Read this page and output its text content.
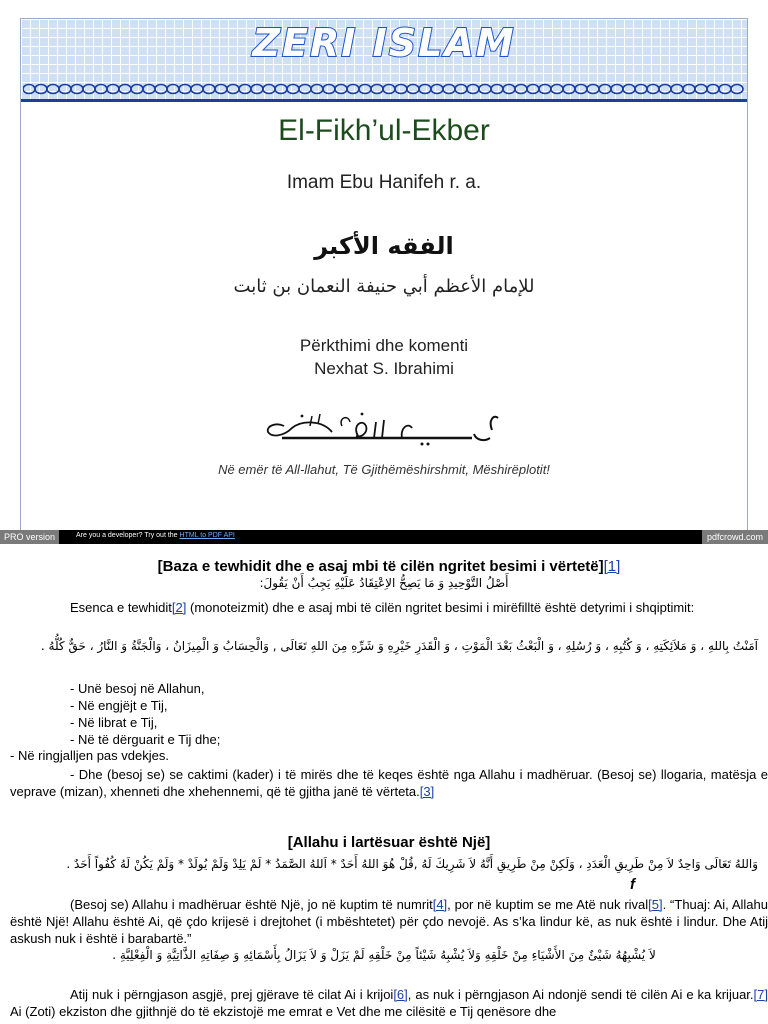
ZERI ISLAM
El-Fikh’ul-Ekber
Imam Ebu Hanifeh r. a.
الفقه الأكبر
للإمام الأعظم أبي حنيفة النعمان بن ثابت
Përkthimi dhe komenti
Nexhat S. Ibrahimi
Në emër të All-llahut, Të Gjithëmëshirshmit, Mëshirëplotit!
PRO version	Are you a developer? Try out the HTML to PDF API	pdfcrowd.com
[Baza e tewhidit dhe e asaj mbi të cilën ngritet besimi i vërtetë][1]
أَصْلُ التَّوْحِيدِ وَ مَا يَصِحُّ الاِعْتِقَادُ عَلَيْهِ يَجِبُ أَنْ يَقُولَ:
Esenca e tewhidit[2] (monoteizmit) dhe e asaj mbi të cilën ngritet besimi i mirëfilltë është detyrimi i shqiptimit:
آمَنْتُ بِاللهِ ، وَ مَلاَئِكَتِهِ ، وَ كُتُبِهِ ، وَ رُسُلِهِ ، وَ الْبَعْثُ بَعْدَ الْمَوْتِ ، وَ الْقَدَرِ خَيْرِهِ وَ شَرِّهِ مِنَ اللهِ تَعَالَى , وَالْحِسَابُ وَ الْمِيزَانُ ، وَالْجَنَّةُ وَ النَّارُ ، حَقٌّ كُلُّهُ .
- Unë besoj në Allahun,
- Në engjëjt e Tij,
- Në librat e Tij,
- Në të dërguarit e Tij dhe;
- Në ringjalljen pas vdekjes.
- Dhe (besoj se) se caktimi (kader) i të mirës dhe të keqes është nga Allahu i madhëruar. (Besoj se) llogaria, matësja e veprave (mizan), xhenneti dhe xhehennemi, që të gjitha janë të vërteta.[3]
[Allahu i lartësuar është Një]
وَاللهُ تَعَالَى وَاحِدٌ لاَ مِنْ طَرِيقِ الْعَدَدِ ، وَلَكِنْ مِنْ طَرِيقِ أَنَّهُ لاَ شَرِيكَ لَهُ ,قُلْ هُوَ اللهُ أَحَدٌ * اَللهُ الصَّمَدُ * لَمْ يَلِدْ وَلَمْ يُولَدْ * وَلَمْ يَكُنْ لَهُ كُفُواً أَحَدٌ .
f
(Besoj se) Allahu i madhëruar është Një, jo në kuptim të numrit[4], por në kuptim se me Atë nuk rival[5]. “Thuaj: Ai, Allahu është Një! Allahu është Ai, që çdo krijesë i drejtohet (i mbështetet) për çdo nevojë. As s’ka lindur kë, as nuk është i lindur. Dhe Atij askush nuk i është i barabartë.”
لاَ يُشْبِهُهُ شَيْئٌ مِنَ الأَشْيَاءِ مِنْ خَلْقِهِ وَلاَ يُشْبِهُ شَيْئاً مِنْ خَلْقِهِ لَمْ يَزَلْ وَ لاَ يَزَالُ بِأَسْمَائِهِ وَ صِفَاتِهِ الذَّاتِيَّةِ وَ الْفِعْلِيَّةِ .
Atij nuk i përngjason asgjë, prej gjërave të cilat Ai i krijoi[6], as nuk i përngjason Ai ndonjë sendi të cilën Ai e ka krijuar.[7] Ai (Zoti) ekziston dhe gjithnjë do të ekzistojë me emrat e Vet dhe me cilësitë e Tij qenësore dhe
